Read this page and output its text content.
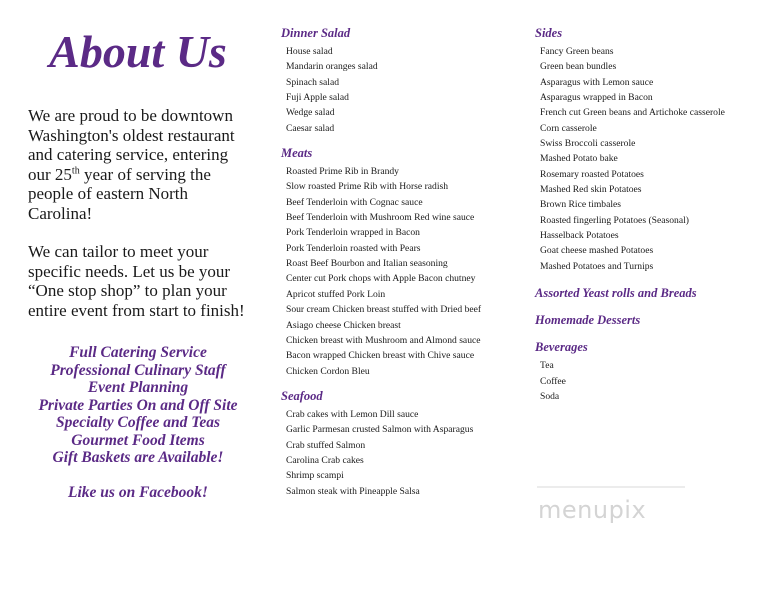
About Us

We are proud to be downtown Washington's oldest restaurant and catering service, entering our 25th year of serving the people of eastern North Carolina!

We can tailor to meet your specific needs. Let us be your “One stop shop” to plan your entire event from start to finish!

Full Catering Service
Professional Culinary Staff
Event Planning
Private Parties On and Off Site
Specialty Coffee and Teas
Gourmet Food Items
Gift Baskets are Available!
Like us on Facebook!
Dinner Salad
House salad
Mandarin oranges salad
Spinach salad
Fuji Apple salad
Wedge salad
Caesar salad
Meats
Roasted Prime Rib in Brandy
Slow roasted Prime Rib with Horse radish
Beef Tenderloin with Cognac sauce
Beef Tenderloin with Mushroom Red wine sauce
Pork Tenderloin wrapped in Bacon
Pork Tenderloin roasted with Pears
Roast Beef Bourbon and Italian seasoning
Center cut Pork chops with Apple Bacon chutney
Apricot stuffed Pork Loin
Sour cream Chicken breast stuffed with Dried beef
Asiago cheese Chicken breast
Chicken breast with Mushroom and Almond sauce
Bacon wrapped Chicken breast with Chive sauce
Chicken Cordon Bleu
Seafood
Crab cakes with Lemon Dill sauce
Garlic Parmesan crusted Salmon with Asparagus
Crab stuffed Salmon
Carolina Crab cakes
Shrimp scampi
Salmon steak with Pineapple Salsa
Sides
Fancy Green beans
Green bean bundles
Asparagus with Lemon sauce
Asparagus wrapped in Bacon
French cut Green beans and Artichoke casserole
Corn casserole
Swiss Broccoli casserole
Mashed Potato bake
Rosemary roasted Potatoes
Mashed Red skin Potatoes
Brown Rice timbales
Roasted fingerling Potatoes (Seasonal)
Hasselback Potatoes
Goat cheese mashed Potatoes
Mashed Potatoes and Turnips
Assorted Yeast rolls and Breads
Homemade Desserts
Beverages
Tea
Coffee
Soda
menupix
